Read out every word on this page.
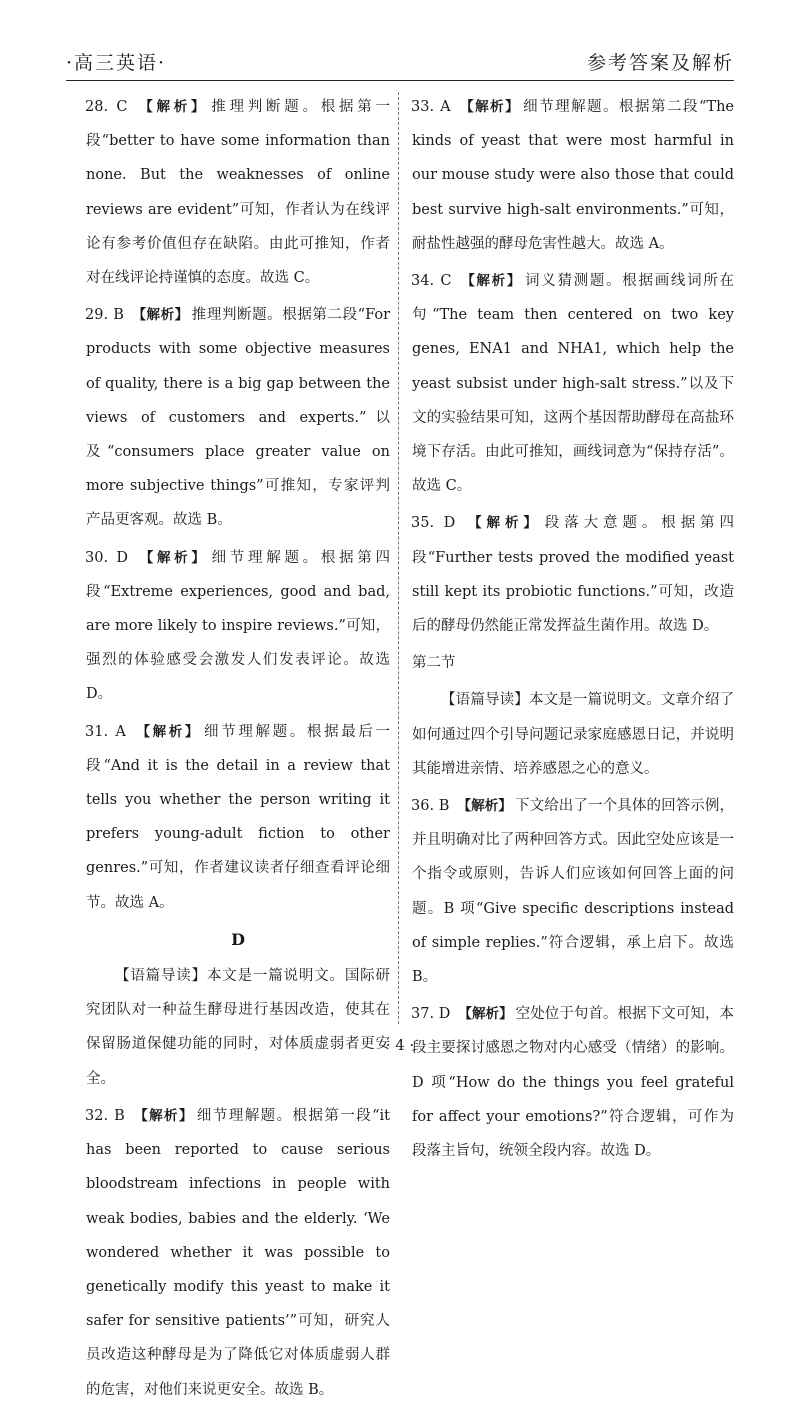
·高三英语·	参考答案及解析

28. C 【解析】 推理判断题。根据第一段“better to have some information than none. But the weaknesses of online reviews are evident”可知，作者认为在线评论有参考价值但存在缺陷。由此可推知，作者对在线评论持谨慎的态度。故选 C。

29. B 【解析】 推理判断题。根据第二段“For products with some objective measures of quality, there is a big gap between the views of customers and experts.”以及“consumers place greater value on more subjective things”可推知，专家评判产品更客观。故选 B。

30. D 【解析】 细节理解题。根据第四段“Extreme experiences, good and bad, are more likely to inspire reviews.”可知，强烈的体验感受会激发人们发表评论。故选 D。

31. A 【解析】 细节理解题。根据最后一段“And it is the detail in a review that tells you whether the person writing it prefers young-adult fiction to other genres.”可知，作者建议读者仔细查看评论细节。故选 A。

D

【语篇导读】本文是一篇说明文。国际研究团队对一种益生酵母进行基因改造，使其在保留肠道保健功能的同时，对体质虚弱者更安全。

32. B 【解析】 细节理解题。根据第一段“it has been reported to cause serious bloodstream infections in people with weak bodies, babies and the elderly. ‘We wondered whether it was possible to genetically modify this yeast to make it safer for sensitive patients’”可知，研究人员改造这种酵母是为了降低它对体质虚弱人群的危害，对他们来说更安全。故选 B。

33. A 【解析】 细节理解题。根据第二段“The kinds of yeast that were most harmful in our mouse study were also those that could best survive high-salt environments.”可知，耐盐性越强的酵母危害性越大。故选 A。

34. C 【解析】 词义猜测题。根据画线词所在句“The team then centered on two key genes, ENA1 and NHA1, which help the yeast subsist under high-salt stress.”以及下文的实验结果可知，这两个基因帮助酵母在高盐环境下存活。由此可推知，画线词意为“保持存活”。故选 C。

35. D 【解析】 段落大意题。根据第四段“Further tests proved the modified yeast still kept its probiotic functions.”可知，改造后的酵母仍然能正常发挥益生菌作用。故选 D。

第二节

【语篇导读】本文是一篇说明文。文章介绍了如何通过四个引导问题记录家庭感恩日记，并说明其能增进亲情、培养感恩之心的意义。

36. B 【解析】 下文给出了一个具体的回答示例，并且明确对比了两种回答方式。因此空处应该是一个指令或原则，告诉人们应该如何回答上面的问题。B 项“Give specific descriptions instead of simple replies.”符合逻辑，承上启下。故选 B。

37. D 【解析】 空处位于句首。根据下文可知，本段主要探讨感恩之物对内心感受（情绪）的影响。D 项“How do the things you feel grateful for affect your emotions?”符合逻辑，可作为段落主旨句，统领全段内容。故选 D。

· 4 ·
